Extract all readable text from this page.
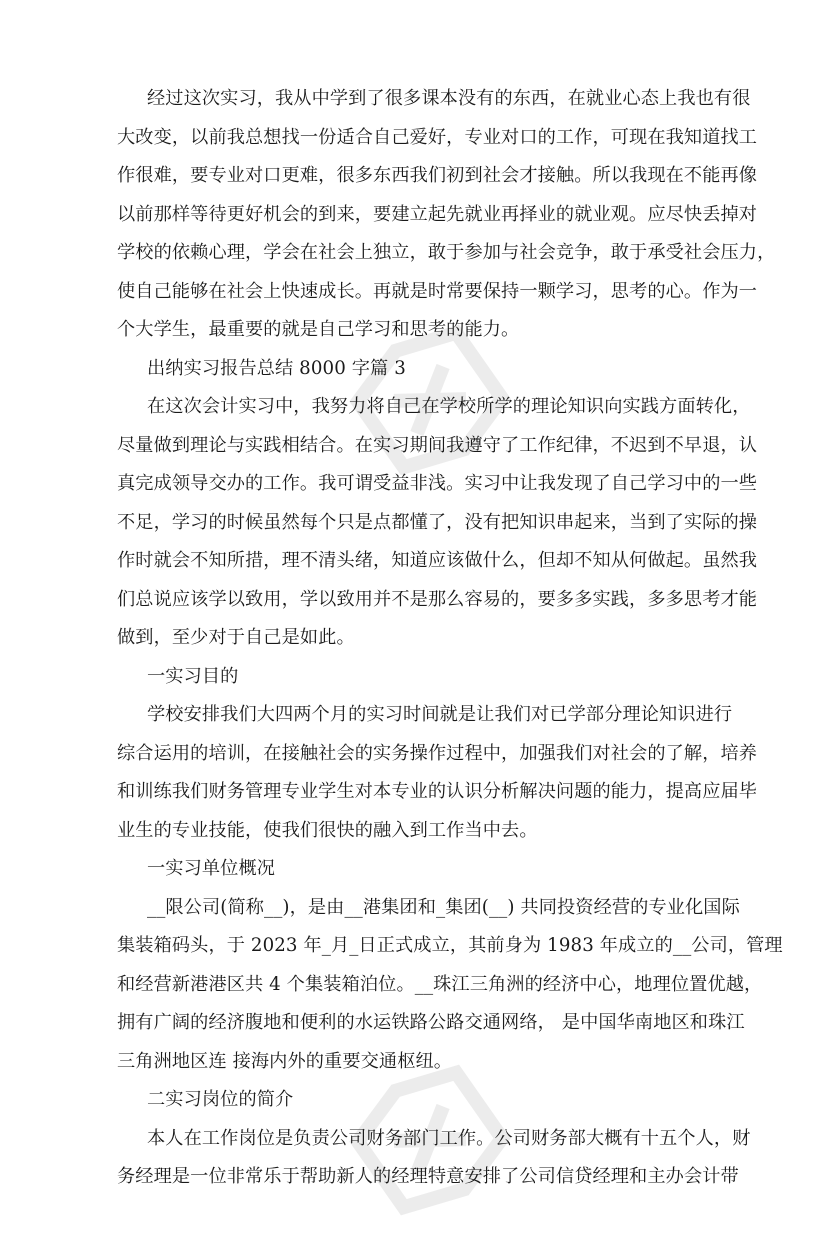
经过这次实习，我从中学到了很多课本没有的东西，在就业心态上我也有很
大改变，以前我总想找一份适合自己爱好，专业对口的工作，可现在我知道找工
作很难，要专业对口更难，很多东西我们初到社会才接触。所以我现在不能再像
以前那样等待更好机会的到来，要建立起先就业再择业的就业观。应尽快丢掉对
学校的依赖心理，学会在社会上独立，敢于参加与社会竞争，敢于承受社会压力，
使自己能够在社会上快速成长。再就是时常要保持一颗学习，思考的心。作为一
个大学生，最重要的就是自己学习和思考的能力。
出纳实习报告总结 8000 字篇 3
在这次会计实习中，我努力将自己在学校所学的理论知识向实践方面转化，
尽量做到理论与实践相结合。在实习期间我遵守了工作纪律，不迟到不早退，认
真完成领导交办的工作。我可谓受益非浅。实习中让我发现了自己学习中的一些
不足，学习的时候虽然每个只是点都懂了，没有把知识串起来，当到了实际的操
作时就会不知所措，理不清头绪，知道应该做什么，但却不知从何做起。虽然我
们总说应该学以致用，学以致用并不是那么容易的，要多多实践，多多思考才能
做到，至少对于自己是如此。
一实习目的
学校安排我们大四两个月的实习时间就是让我们对已学部分理论知识进行
综合运用的培训，在接触社会的实务操作过程中，加强我们对社会的了解，培养
和训练我们财务管理专业学生对本专业的认识分析解决问题的能力，提高应届毕
业生的专业技能，使我们很快的融入到工作当中去。
一实习单位概况
__限公司(简称__)，是由__港集团和_集团(__) 共同投资经营的专业化国际
集装箱码头，于 2023 年_月_日正式成立，其前身为 1983 年成立的__公司，管理
和经营新港港区共 4 个集装箱泊位。__珠江三角洲的经济中心，地理位置优越，
拥有广阔的经济腹地和便利的水运铁路公路交通网络， 是中国华南地区和珠江
三角洲地区连 接海内外的重要交通枢纽。
二实习岗位的简介
本人在工作岗位是负责公司财务部门工作。公司财务部大概有十五个人，财
务经理是一位非常乐于帮助新人的经理特意安排了公司信贷经理和主办会计带
